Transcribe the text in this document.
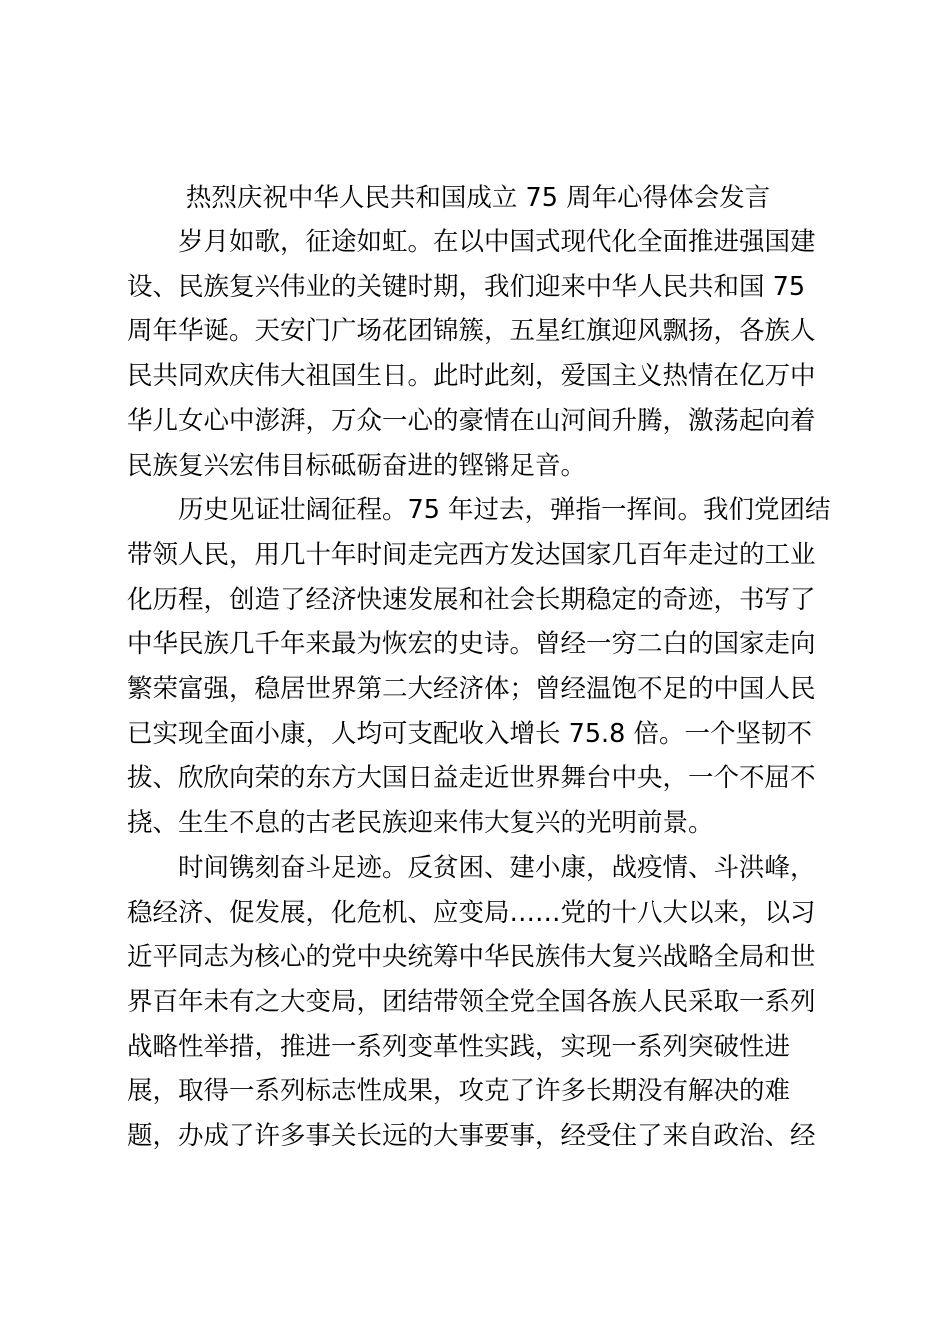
热烈庆祝中华人民共和国成立 75 周年心得体会发言

岁月如歌，征途如虹。在以中国式现代化全面推进强国建
设、民族复兴伟业的关键时期，我们迎来中华人民共和国 75
周年华诞。天安门广场花团锦簇，五星红旗迎风飘扬，各族人
民共同欢庆伟大祖国生日。此时此刻，爱国主义热情在亿万中
华儿女心中澎湃，万众一心的豪情在山河间升腾，激荡起向着
民族复兴宏伟目标砥砺奋进的铿锵足音。

历史见证壮阔征程。75 年过去，弹指一挥间。我们党团结
带领人民，用几十年时间走完西方发达国家几百年走过的工业
化历程，创造了经济快速发展和社会长期稳定的奇迹，书写了
中华民族几千年来最为恢宏的史诗。曾经一穷二白的国家走向
繁荣富强，稳居世界第二大经济体；曾经温饱不足的中国人民
已实现全面小康，人均可支配收入增长 75.8 倍。一个坚韧不
拔、欣欣向荣的东方大国日益走近世界舞台中央，一个不屈不
挠、生生不息的古老民族迎来伟大复兴的光明前景。

时间镌刻奋斗足迹。反贫困、建小康，战疫情、斗洪峰，
稳经济、促发展，化危机、应变局……党的十八大以来，以习
近平同志为核心的党中央统筹中华民族伟大复兴战略全局和世
界百年未有之大变局，团结带领全党全国各族人民采取一系列
战略性举措，推进一系列变革性实践，实现一系列突破性进
展，取得一系列标志性成果，攻克了许多长期没有解决的难
题，办成了许多事关长远的大事要事，经受住了来自政治、经
